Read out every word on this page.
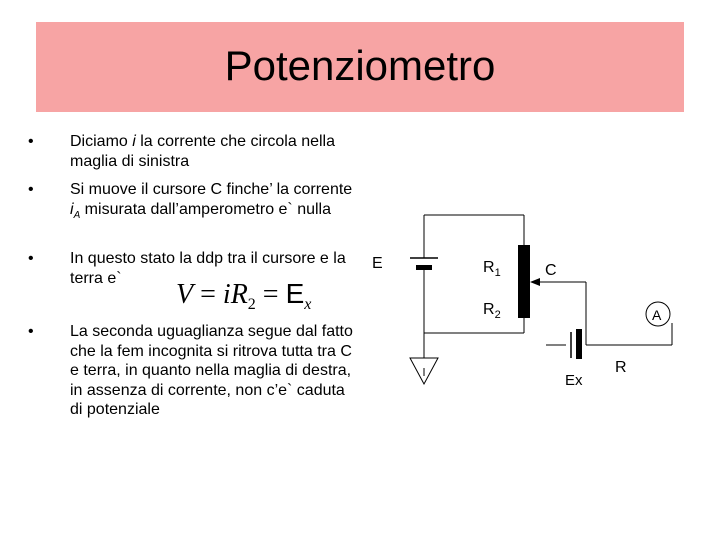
Potenziometro
• Diciamo i la corrente che circola nella maglia di sinistra
• Si muove il cursore C finche’ la corrente $i_A$ misurata dall’amperometro e` nulla
• In questo stato la ddp tra il cursore e la terra e`
• La seconda uguaglianza segue dal fatto che la fem incognita si ritrova tutta tra C e terra, in quanto nella maglia di destra, in assenza di corrente, non c’e` caduta di potenziale
$V = iR_2 = E_x$
E	$R_1$	C
$R_2$	A
Ex
R
